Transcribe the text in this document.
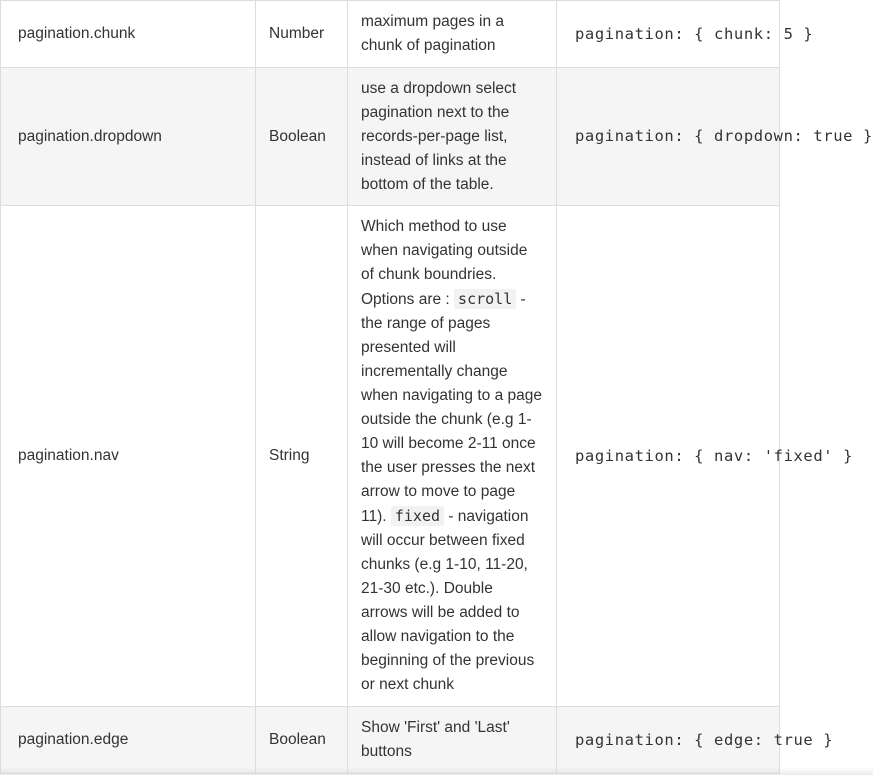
pagination.chunk	Number	maximum pages in a chunk of pagination	pagination: { chunk: 5 }
pagination.dropdown	Boolean	use a dropdown select pagination next to the records-per-page list, instead of links at the bottom of the table.	pagination: { dropdown: true }
pagination.nav	String	Which method to use when navigating outside of chunk boundries. Options are : scroll - the range of pages presented will incrementally change when navigating to a page outside the chunk (e.g 1-10 will become 2-11 once the user presses the next arrow to move to page 11). fixed - navigation will occur between fixed chunks (e.g 1-10, 11-20, 21-30 etc.). Double arrows will be added to allow navigation to the beginning of the previous or next chunk	pagination: { nav: 'fixed' }
pagination.edge	Boolean	Show 'First' and 'Last' buttons	pagination: { edge: true }
